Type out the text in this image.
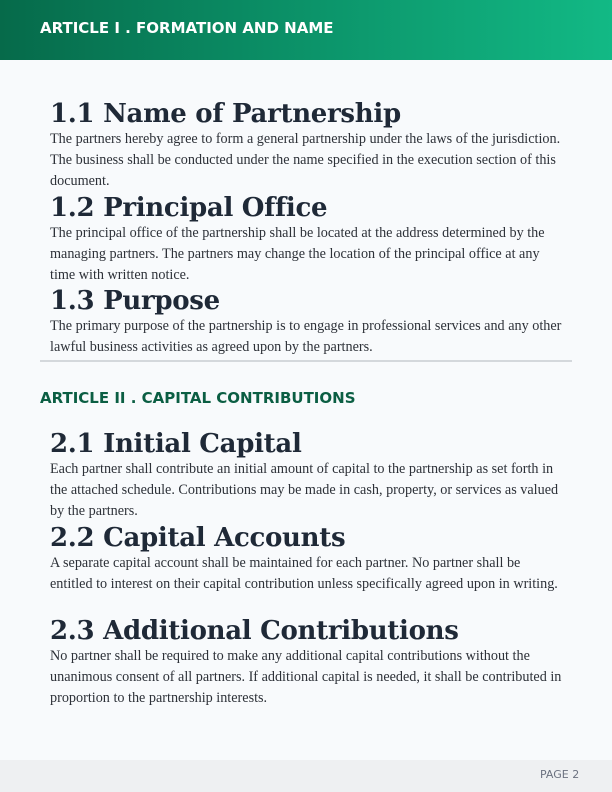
ARTICLE I . FORMATION AND NAME
1.1 Name of Partnership

The partners hereby agree to form a general partnership under the laws of the jurisdiction. The business shall be conducted under the name specified in the execution section of this document.

1.2 Principal Office

The principal office of the partnership shall be located at the address determined by the managing partners. The partners may change the location of the principal office at any time with written notice.

1.3 Purpose

The primary purpose of the partnership is to engage in professional services and any other lawful business activities as agreed upon by the partners.

ARTICLE II . CAPITAL CONTRIBUTIONS
2.1 Initial Capital

Each partner shall contribute an initial amount of capital to the partnership as set forth in the attached schedule. Contributions may be made in cash, property, or services as valued by the partners.

2.2 Capital Accounts

A separate capital account shall be maintained for each partner. No partner shall be entitled to interest on their capital contribution unless specifically agreed upon in writing.

2.3 Additional Contributions

No partner shall be required to make any additional capital contributions without the unanimous consent of all partners. If additional capital is needed, it shall be contributed in proportion to the partnership interests.

PAGE 2
